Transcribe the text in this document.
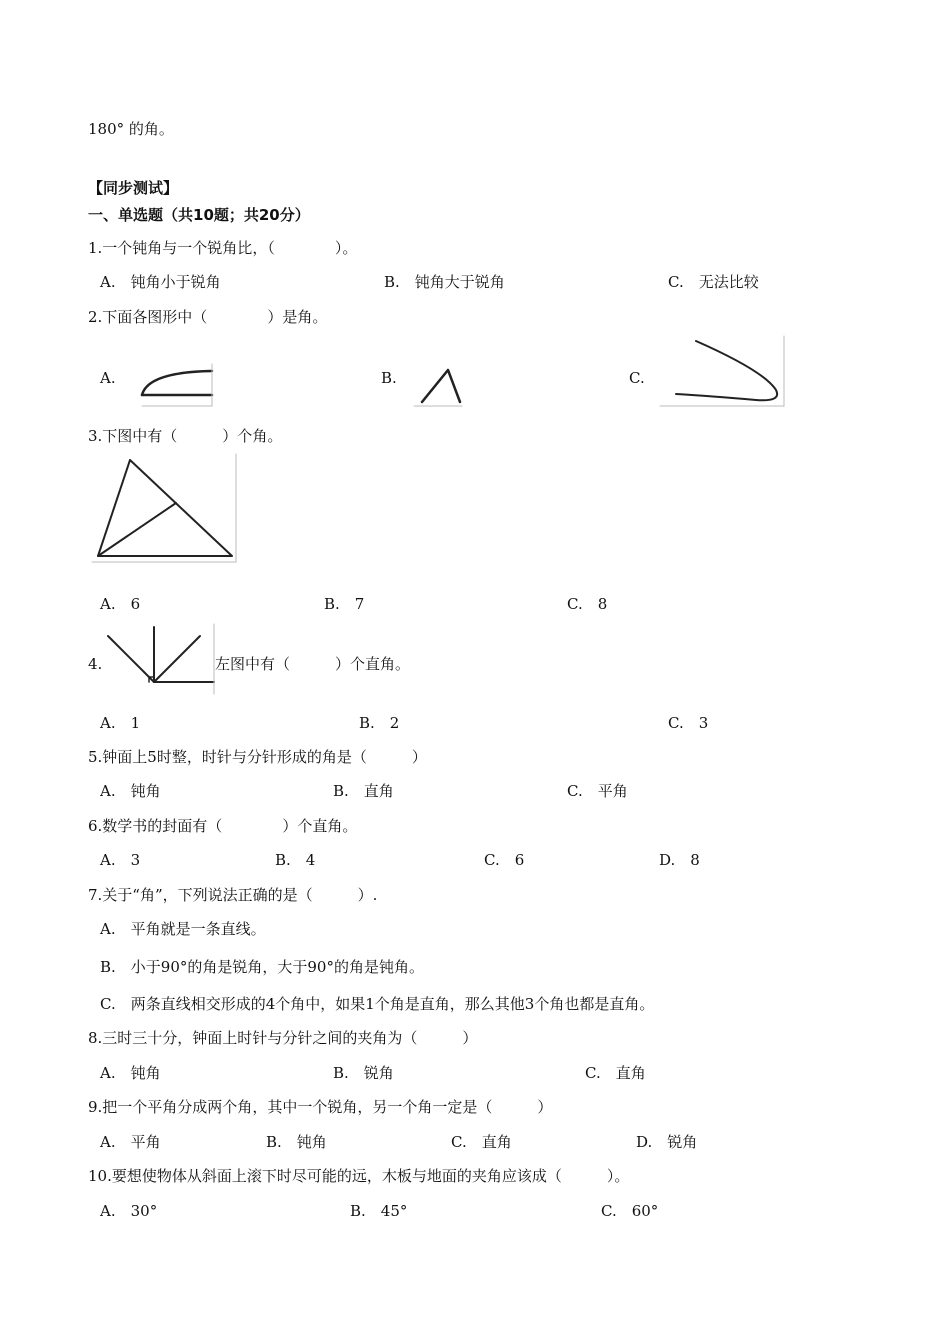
180° 的角。
【同步测试】
一、单选题（共10题；共20分）
1.一个钝角与一个锐角比，（　　　　）。
A.　钝角小于锐角	B.　钝角大于锐角	C.　无法比较
2.下面各图形中（　　　　）是角。
A.	B.	C.
3.下图中有（　　　）个角。
A.　6	B.　7	C.　8
4.	左图中有（　　　）个直角。
A.　1	B.　2	C.　3
5.钟面上5时整，时针与分针形成的角是（　　　）
A.　钝角	B.　直角	C.　平角
6.数学书的封面有（　　　　）个直角。
A.　3	B.　4	C.　6	D.　8
7.关于“角”，下列说法正确的是（　　　）.
A.　平角就是一条直线。
B.　小于90°的角是锐角，大于90°的角是钝角。
C.　两条直线相交形成的4个角中，如果1个角是直角，那么其他3个角也都是直角。
8.三时三十分，钟面上时针与分针之间的夹角为（　　　）
A.　钝角	B.　锐角	C.　直角
9.把一个平角分成两个角，其中一个锐角，另一个角一定是（　　　）
A.　平角	B.　钝角	C.　直角	D.　锐角
10.要想使物体从斜面上滚下时尽可能的远，木板与地面的夹角应该成（　　　）。
A.　30°	B.　45°	C.　60°
